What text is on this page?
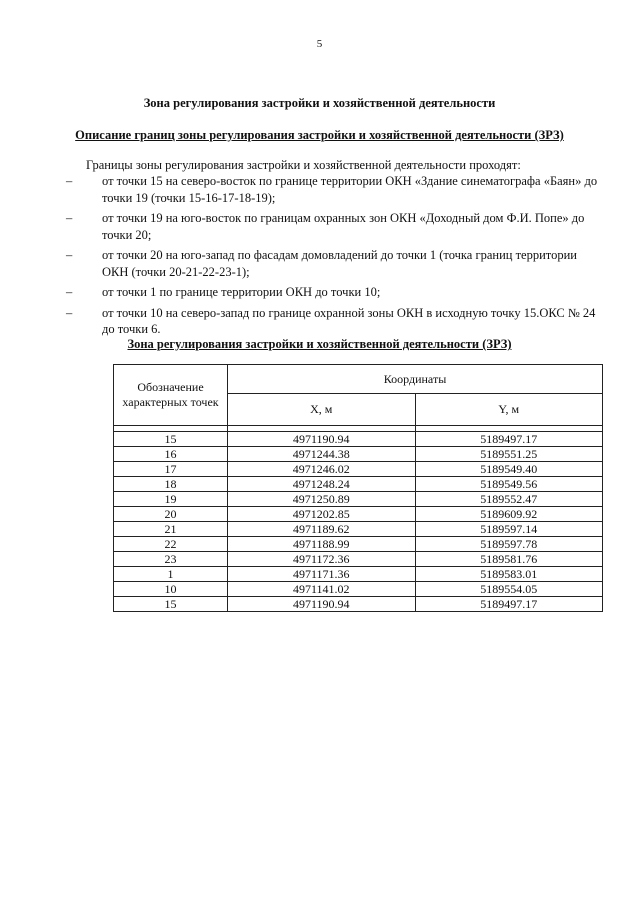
5
Зона регулирования застройки и хозяйственной деятельности
Описание границ зоны регулирования застройки и хозяйственной деятельности (ЗРЗ)
Границы зоны регулирования застройки и хозяйственной деятельности проходят:
–	от точки 15 на северо-восток по границе территории ОКН «Здание синематографа «Баян» до точки 19 (точки 15-16-17-18-19);
–	от точки 19 на юго-восток по границам охранных зон ОКН «Доходный дом Ф.И. Попе» до точки 20;
–	от точки 20 на юго-запад по фасадам домовладений до точки 1 (точка границ территории ОКН (точки 20-21-22-23-1);
–	от точки 1 по границе территории ОКН до точки 10;
–	от точки 10 на северо-запад по границе охранной зоны ОКН в исходную точку 15.ОКС № 24 до точки 6.
Зона регулирования застройки и хозяйственной деятельности (ЗРЗ)
Обозначение характерных точек	Координаты	
	X, м	Y, м

15	4971190.94	5189497.17
16	4971244.38	5189551.25
17	4971246.02	5189549.40
18	4971248.24	5189549.56
19	4971250.89	5189552.47
20	4971202.85	5189609.92
21	4971189.62	5189597.14
22	4971188.99	5189597.78
23	4971172.36	5189581.76
1	4971171.36	5189583.01
10	4971141.02	5189554.05
15	4971190.94	5189497.17
